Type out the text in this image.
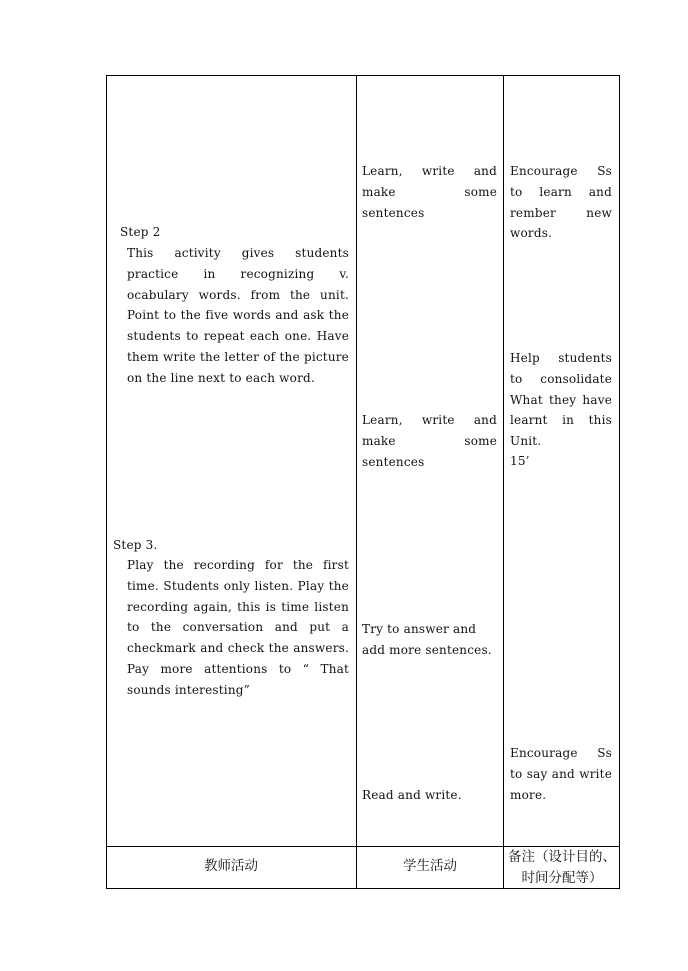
Step 2
This activity gives students practice in recognizing v. ocabulary words. from the unit. Point to the five words and ask the students to repeat each one. Have them write the letter of the picture on the line next to each word.
Step 3.
Play the recording for the first time. Students only listen. Play the recording again, this is time listen to the conversation and put a checkmark and check the answers. Pay more attentions to “ That sounds interesting”
Learn, write and make some sentences
Learn, write and make some sentences
Try to answer and add more sentences.
Read and write.
Encourage Ss to learn and rember new words.
Help students to consolidate What they have learnt in this Unit.
15’
Encourage Ss to say and write more.
教师活动	学生活动
备注（设计目的、时间分配等）
